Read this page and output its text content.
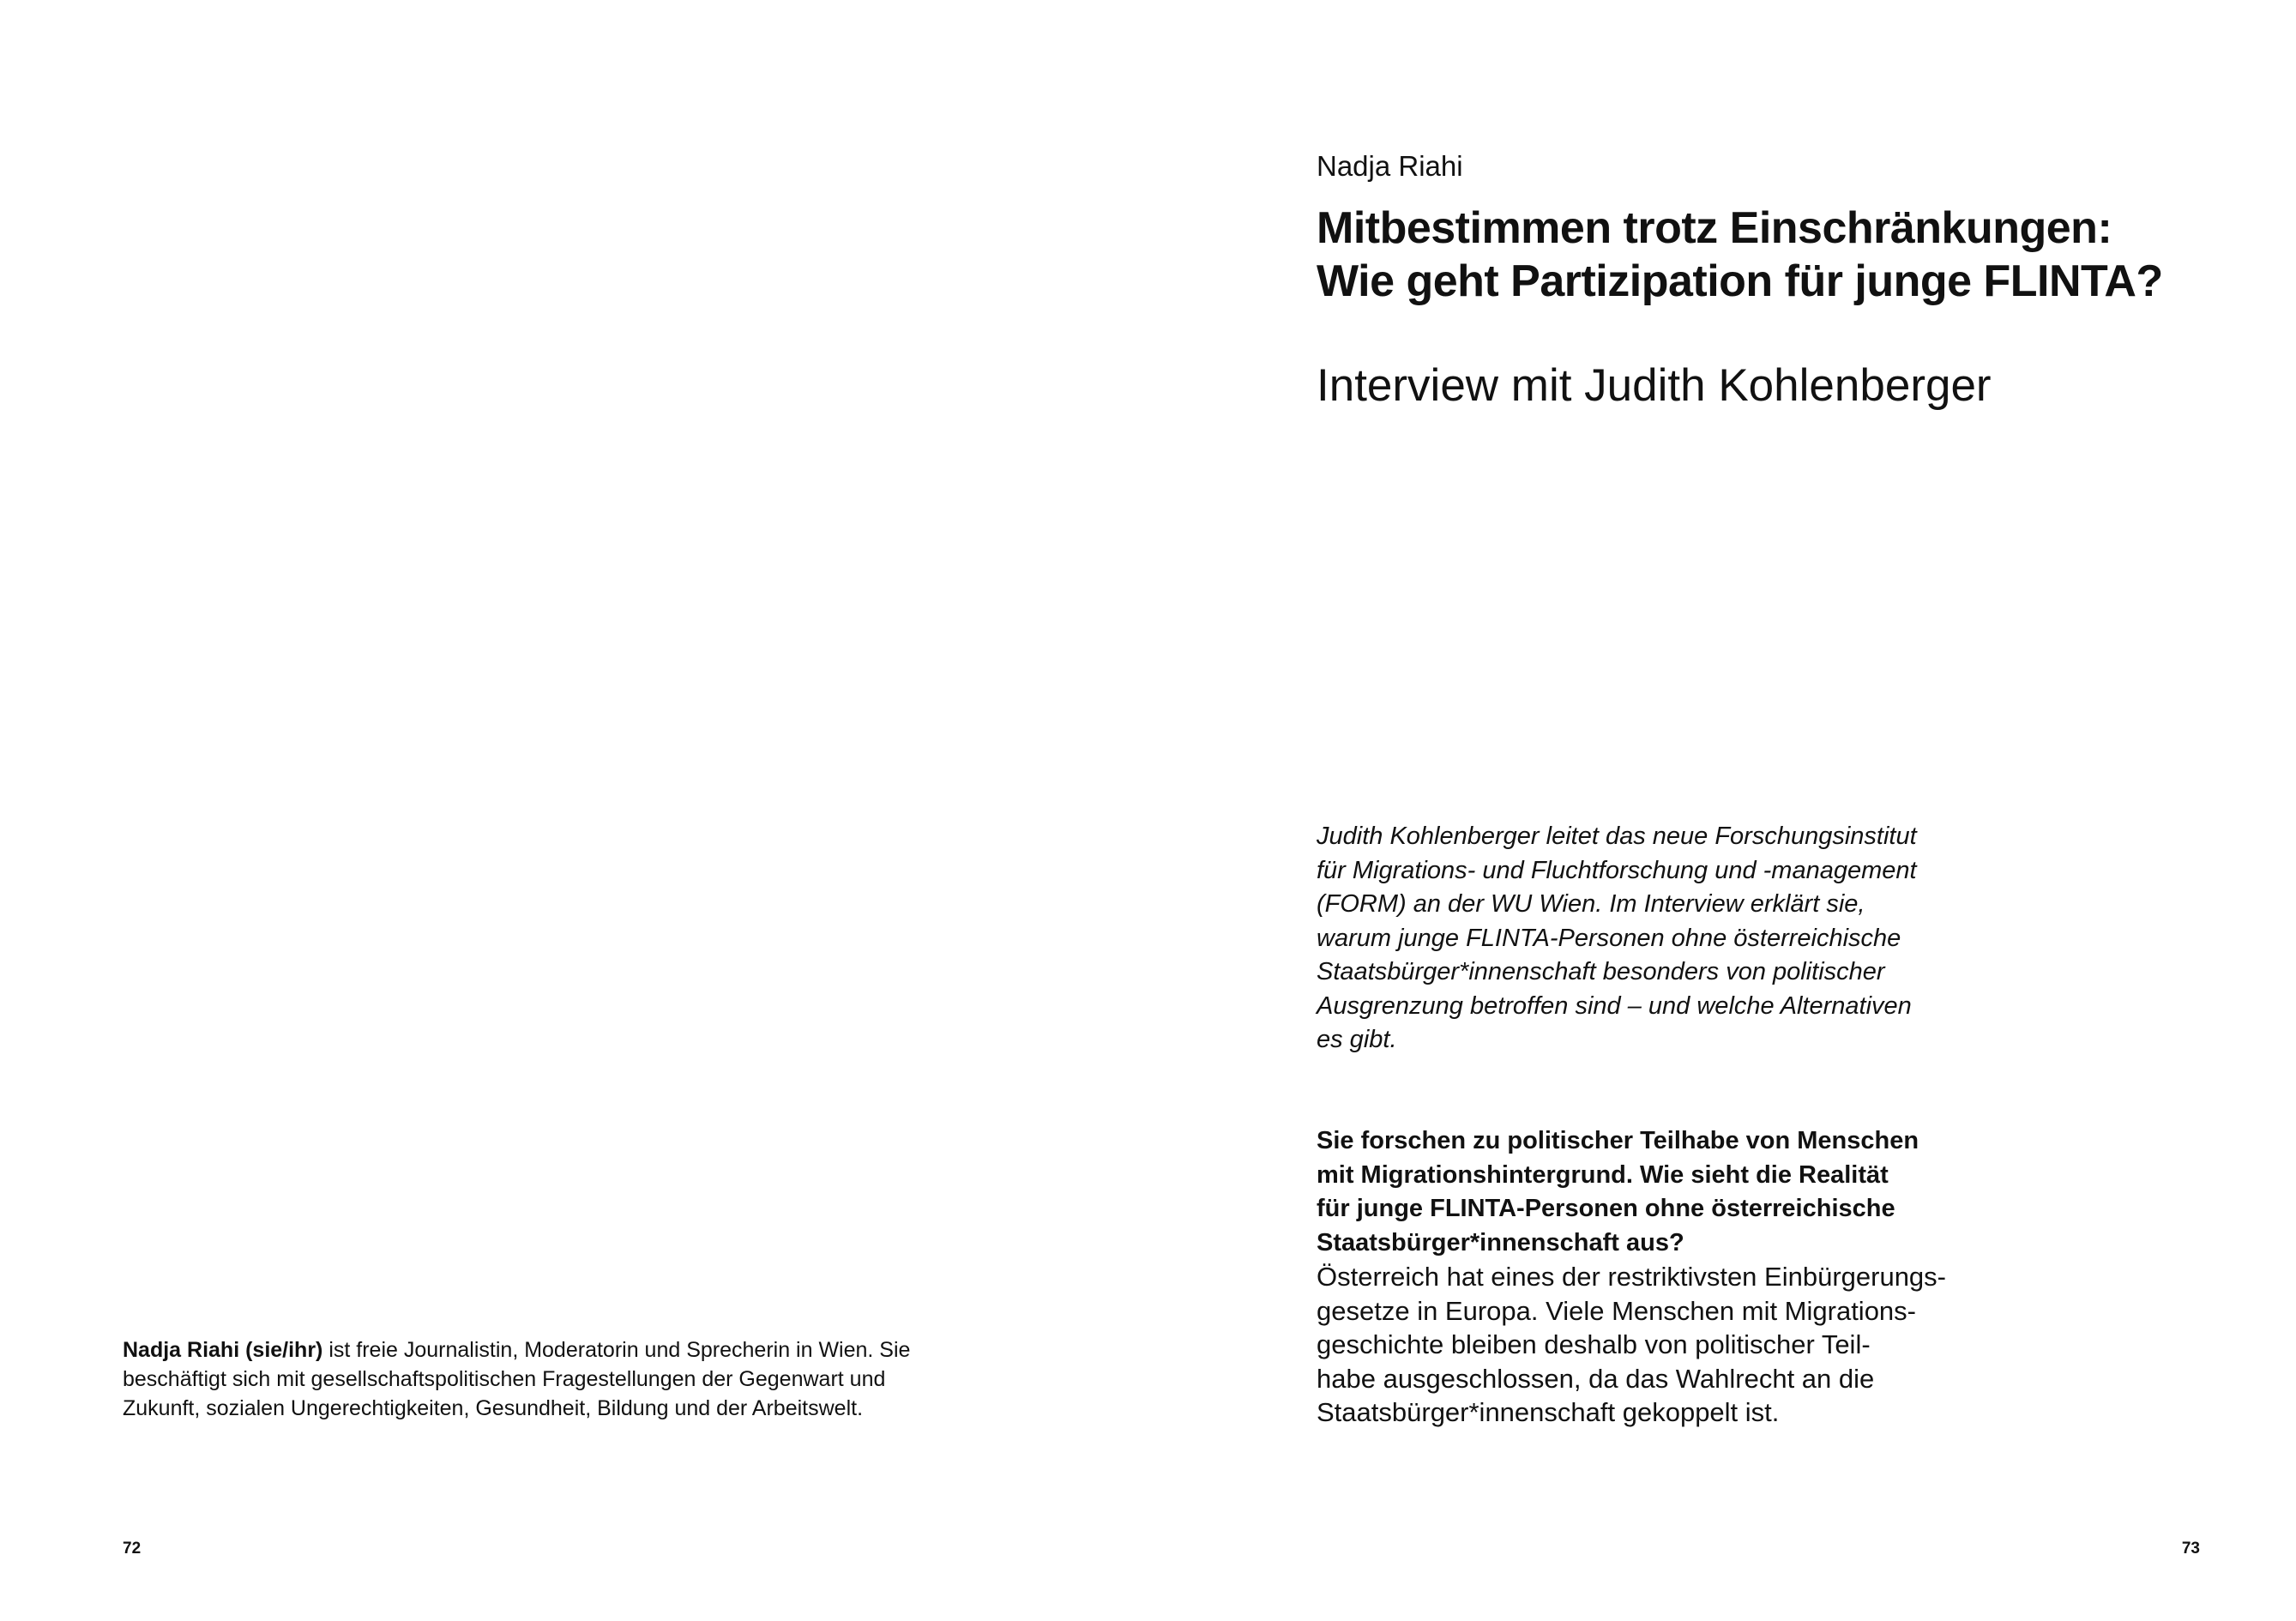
Nadja Riahi (sie/ihr) ist freie Journalistin, Moderatorin und Sprecherin in Wien. Sie
beschäftigt sich mit gesellschaftspolitischen Fragestellungen der Gegenwart und
Zukunft, sozialen Ungerechtigkeiten, Gesundheit, Bildung und der Arbeitswelt.

72

Nadja Riahi

Mitbestimmen trotz Einschränkungen:
Wie geht Partizipation für junge FLINTA?
Interview mit Judith Kohlenberger

Judith Kohlenberger leitet das neue Forschungsinstitut
für Migrations- und Fluchtforschung und -management
(FORM) an der WU Wien. Im Interview erklärt sie,
warum junge FLINTA-Personen ohne österreichische
Staatsbürger*innenschaft besonders von politischer
Ausgrenzung betroffen sind – und welche Alternativen
es gibt.

Sie forschen zu politischer Teilhabe von Menschen
mit Migrationshintergrund. Wie sieht die Realität
für junge FLINTA-Personen ohne österreichische
Staatsbürger*innenschaft aus?

Österreich hat eines der restriktivsten Einbürgerungs-
gesetze in Europa. Viele Menschen mit Migrations-
geschichte bleiben deshalb von politischer Teil-
habe ausgeschlossen, da das Wahlrecht an die
Staatsbürger*innenschaft gekoppelt ist.

73
